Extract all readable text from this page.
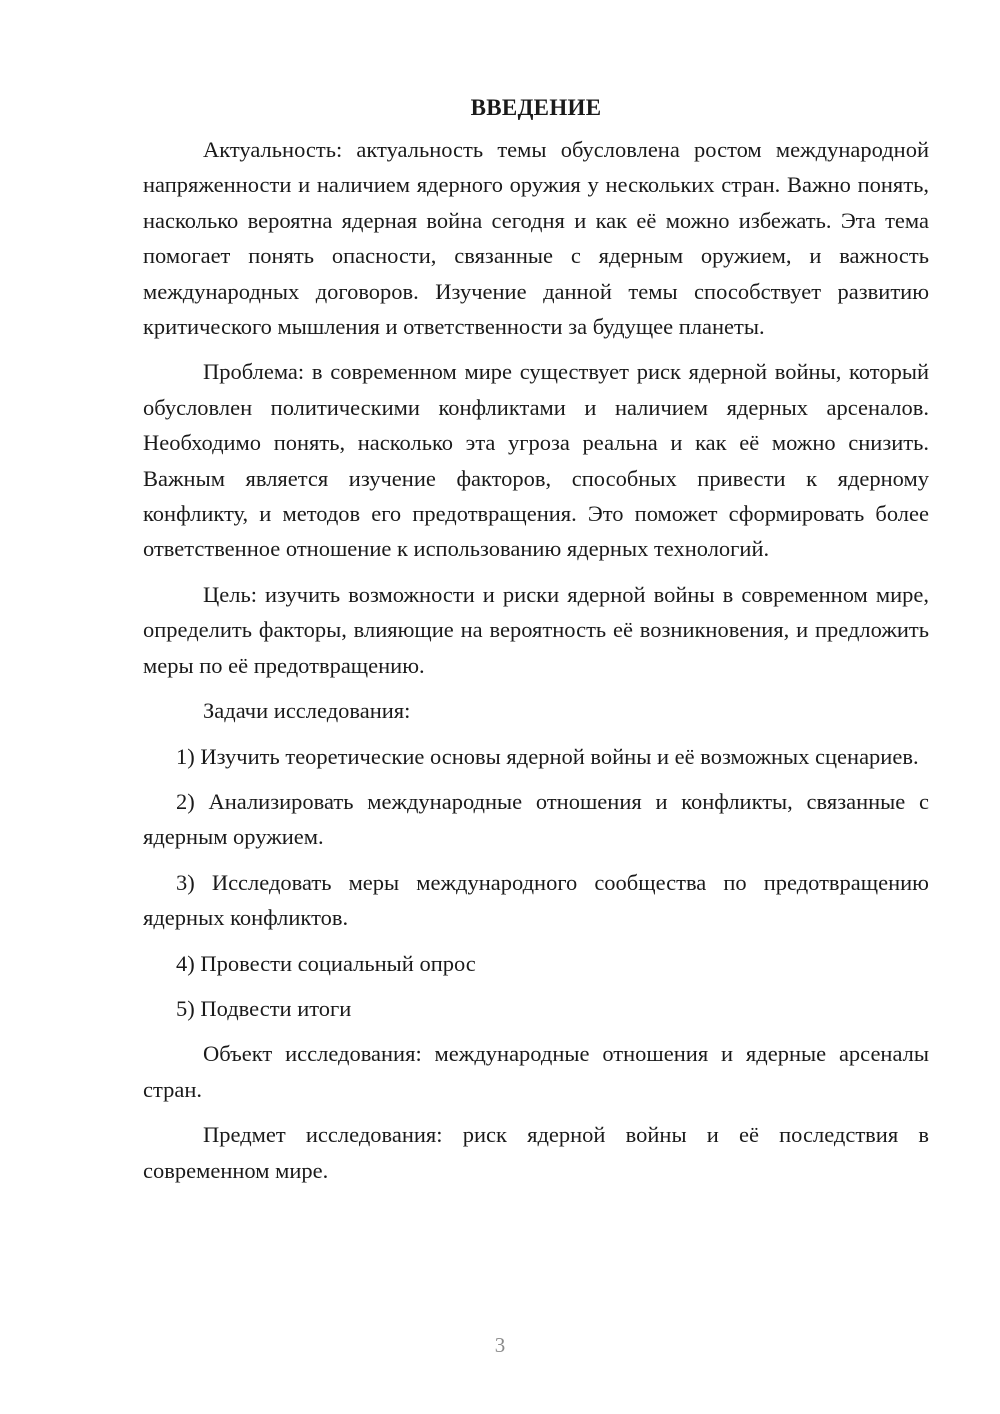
ВВЕДЕНИЕ

Актуальность: актуальность темы обусловлена ростом международной напряженности и наличием ядерного оружия у нескольких стран. Важно понять, насколько вероятна ядерная война сегодня и как её можно избежать. Эта тема помогает понять опасности, связанные с ядерным оружием, и важность международных договоров. Изучение данной темы способствует развитию критического мышления и ответственности за будущее планеты.

Проблема: в современном мире существует риск ядерной войны, который обусловлен политическими конфликтами и наличием ядерных арсеналов. Необходимо понять, насколько эта угроза реальна и как её можно снизить. Важным является изучение факторов, способных привести к ядерному конфликту, и методов его предотвращения. Это поможет сформировать более ответственное отношение к использованию ядерных технологий.

Цель: изучить возможности и риски ядерной войны в современном мире, определить факторы, влияющие на вероятность её возникновения, и предложить меры по её предотвращению.

Задачи исследования:

1) Изучить теоретические основы ядерной войны и её возможных сценариев.

2) Анализировать международные отношения и конфликты, связанные с ядерным оружием.

3) Исследовать меры международного сообщества по предотвращению ядерных конфликтов.

4) Провести социальный опрос

5) Подвести итоги

Объект исследования: международные отношения и ядерные арсеналы стран.

Предмет исследования: риск ядерной войны и её последствия в современном мире.

3
